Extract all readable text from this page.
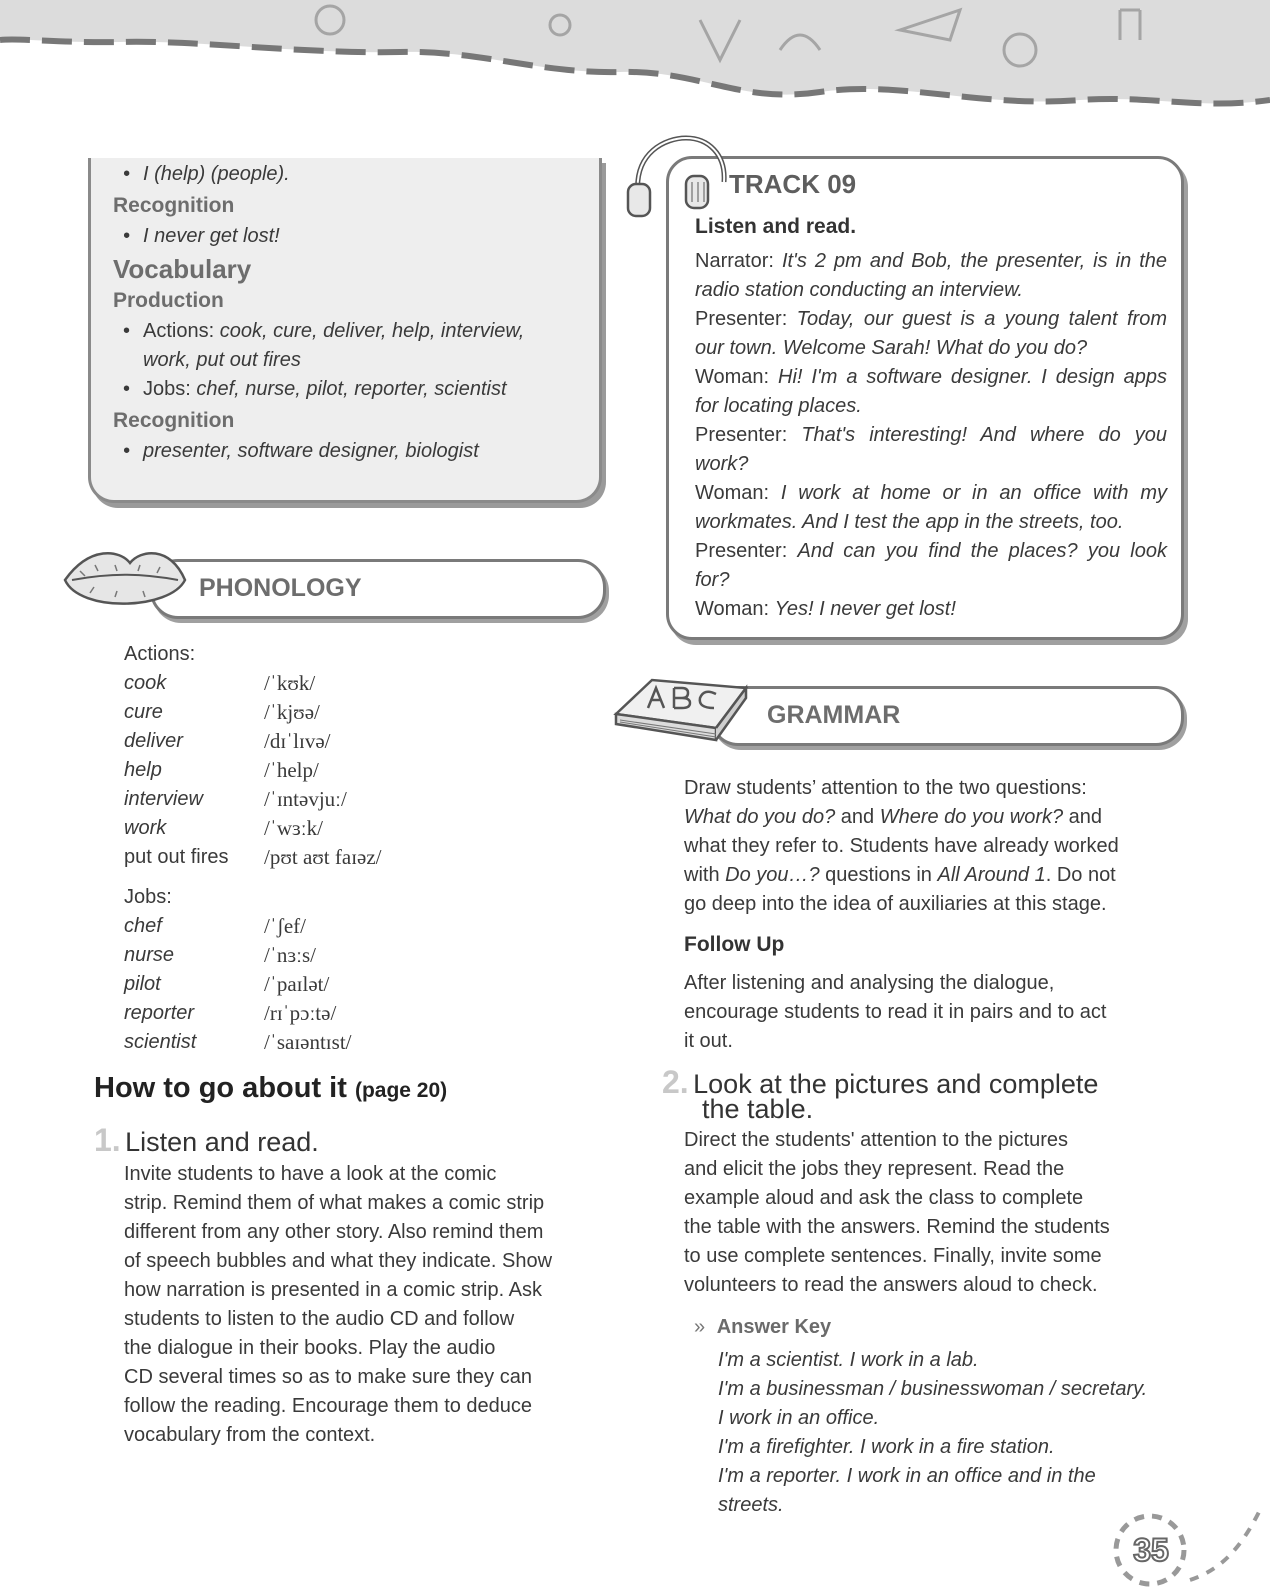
• I (help) (people).
Recognition
• I never get lost!
Vocabulary
Production
• Actions: cook, cure, deliver, help, interview,
work, put out fires
• Jobs: chef, nurse, pilot, reporter, scientist
Recognition
• presenter, software designer, biologist
PHONOLOGY
Actions:
cook	/ˈkʊk/
cure	/ˈkjʊə/
deliver	/dɪˈlɪvə/
help	/ˈhelp/
interview	/ˈɪntəvjuː/
work	/ˈwɜːk/
put out fires	/pʊt aʊt faɪəz/
Jobs:
chef	/ˈʃef/
nurse	/ˈnɜːs/
pilot	/ˈpaɪlət/
reporter	/rɪˈpɔːtə/
scientist	/ˈsaɪəntɪst/
How to go about it (page 20)
1. Listen and read.
Invite students to have a look at the comic
strip. Remind them of what makes a comic strip
different from any other story. Also remind them
of speech bubbles and what they indicate. Show
how narration is presented in a comic strip. Ask
students to listen to the audio CD and follow
the dialogue in their books. Play the audio
CD several times so as to make sure they can
follow the reading. Encourage them to deduce
vocabulary from the context.
TRACK 09
Listen and read.
Narrator: It's 2 pm and Bob, the presenter, is in the radio station conducting an interview.
Presenter: Today, our guest is a young talent from our town. Welcome Sarah! What do you do?
Woman: Hi! I'm a software designer. I design apps for locating places.
Presenter: That's interesting! And where do you work?
Woman: I work at home or in an office with my workmates. And I test the app in the streets, too.
Presenter: And can you find the places? you look for?
Woman: Yes! I never get lost!
GRAMMAR
Draw students’ attention to the two questions:
What do you do? and Where do you work? and
what they refer to. Students have already worked
with Do you…? questions in All Around 1. Do not
go deep into the idea of auxiliaries at this stage.
Follow Up
After listening and analysing the dialogue,
encourage students to read it in pairs and to act
it out.
2. Look at the pictures and complete
the table.
Direct the students' attention to the pictures
and elicit the jobs they represent. Read the
example aloud and ask the class to complete
the table with the answers. Remind the students
to use complete sentences. Finally, invite some
volunteers to read the answers aloud to check.
» Answer Key
I'm a scientist. I work in a lab.
I'm a businessman / businesswoman / secretary.
I work in an office.
I'm a firefighter. I work in a fire station.
I'm a reporter. I work in an office and in the
streets.
35
